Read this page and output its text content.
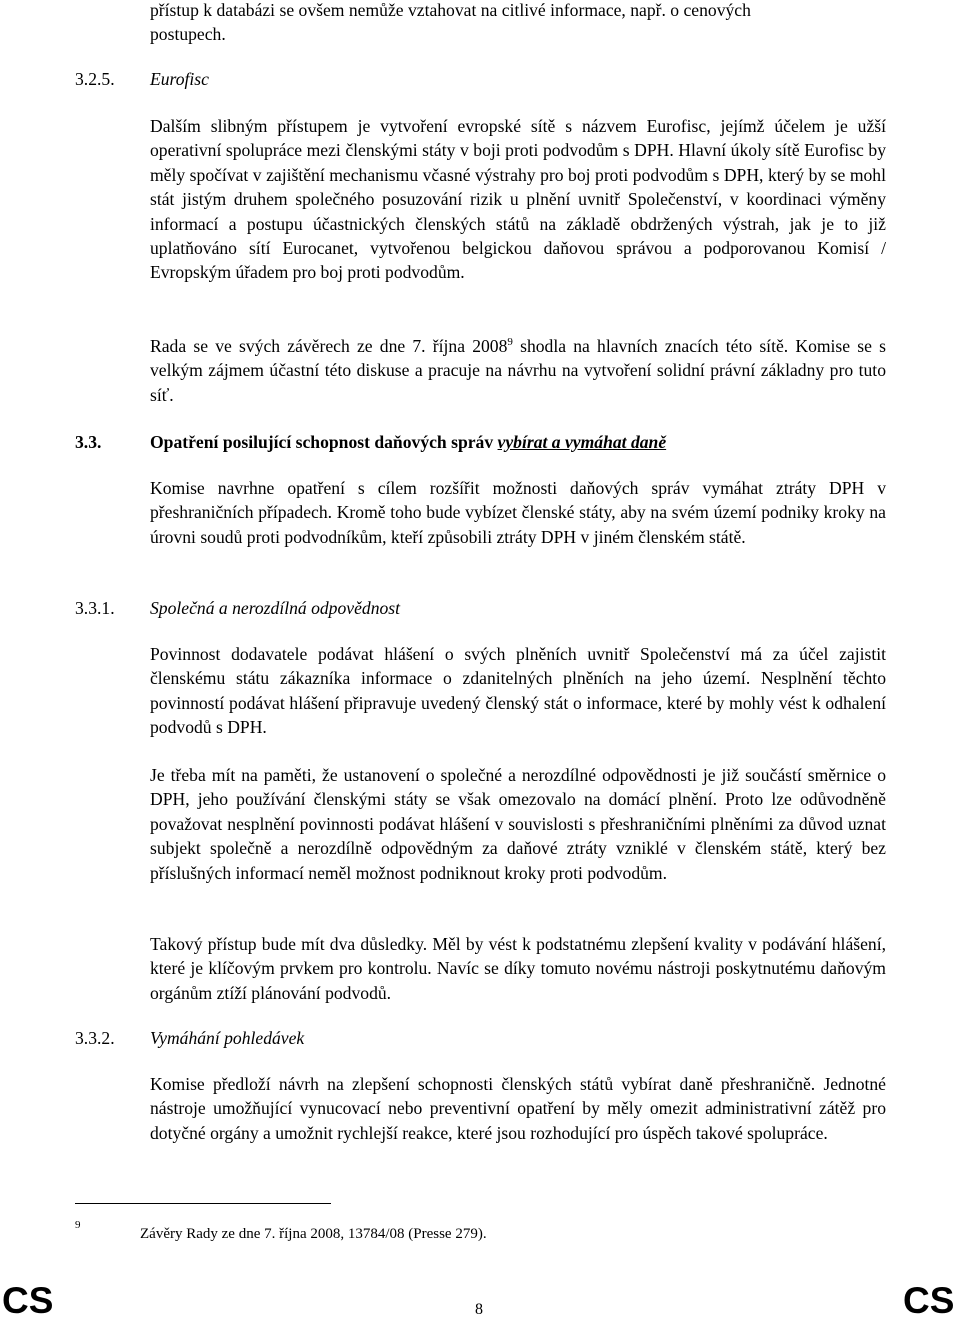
přístup k databázi se ovšem nemůže vztahovat na citlivé informace, např. o cenových
postupech.
3.2.5. Eurofisc
Dalším slibným přístupem je vytvoření evropské sítě s názvem Eurofisc, jejímž účelem je užší operativní spolupráce mezi členskými státy v boji proti podvodům s DPH. Hlavní úkoly sítě Eurofisc by měly spočívat v zajištění mechanismu včasné výstrahy pro boj proti podvodům s DPH, který by se mohl stát jistým druhem společného posuzování rizik u plnění uvnitř Společenství, v koordinaci výměny informací a postupu účastnických členských států na základě obdržených výstrah, jak je to již uplatňováno sítí Eurocanet, vytvořenou belgickou daňovou správou a podporovanou Komisí / Evropským úřadem pro boj proti podvodům.
Rada se ve svých závěrech ze dne 7. října 2008$^9$ shodla na hlavních znacích této sítě. Komise se s velkým zájmem účastní této diskuse a pracuje na návrhu na vytvoření solidní právní základny pro tuto síť.
3.3.	Opatření posilující schopnost daňových správ vybírat a vymáhat daně
Komise navrhne opatření s cílem rozšířit možnosti daňových správ vymáhat ztráty DPH v přeshraničních případech. Kromě toho bude vybízet členské státy, aby na svém území podniky kroky na úrovni soudů proti podvodníkům, kteří způsobili ztráty DPH v jiném členském státě.
3.3.1. Společná a nerozdílná odpovědnost
Povinnost dodavatele podávat hlášení o svých plněních uvnitř Společenství má za účel zajistit členskému státu zákazníka informace o zdanitelných plněních na jeho území. Nesplnění těchto povinností podávat hlášení připravuje uvedený členský stát o informace, které by mohly vést k odhalení podvodů s DPH.
Je třeba mít na paměti, že ustanovení o společné a nerozdílné odpovědnosti je již součástí směrnice o DPH, jeho používání členskými státy se však omezovalo na domácí plnění. Proto lze odůvodněně považovat nesplnění povinnosti podávat hlášení v souvislosti s přeshraničními plněními za důvod uznat subjekt společně a nerozdílně odpovědným za daňové ztráty vzniklé v členském státě, který bez příslušných informací neměl možnost podniknout kroky proti podvodům.
Takový přístup bude mít dva důsledky. Měl by vést k podstatnému zlepšení kvality v podávání hlášení, které je klíčovým prvkem pro kontrolu. Navíc se díky tomuto novému nástroji poskytnutému daňovým orgánům ztíží plánování podvodů.
3.3.2. Vymáhání pohledávek
Komise předloží návrh na zlepšení schopnosti členských států vybírat daně přeshraničně. Jednotné nástroje umožňující vynucovací nebo preventivní opatření by měly omezit administrativní zátěž pro dotyčné orgány a umožnit rychlejší reakce, které jsou rozhodující pro úspěch takové spolupráce.
9
Závěry Rady ze dne 7. října 2008, 13784/08 (Presse 279).
CS	8	CS
